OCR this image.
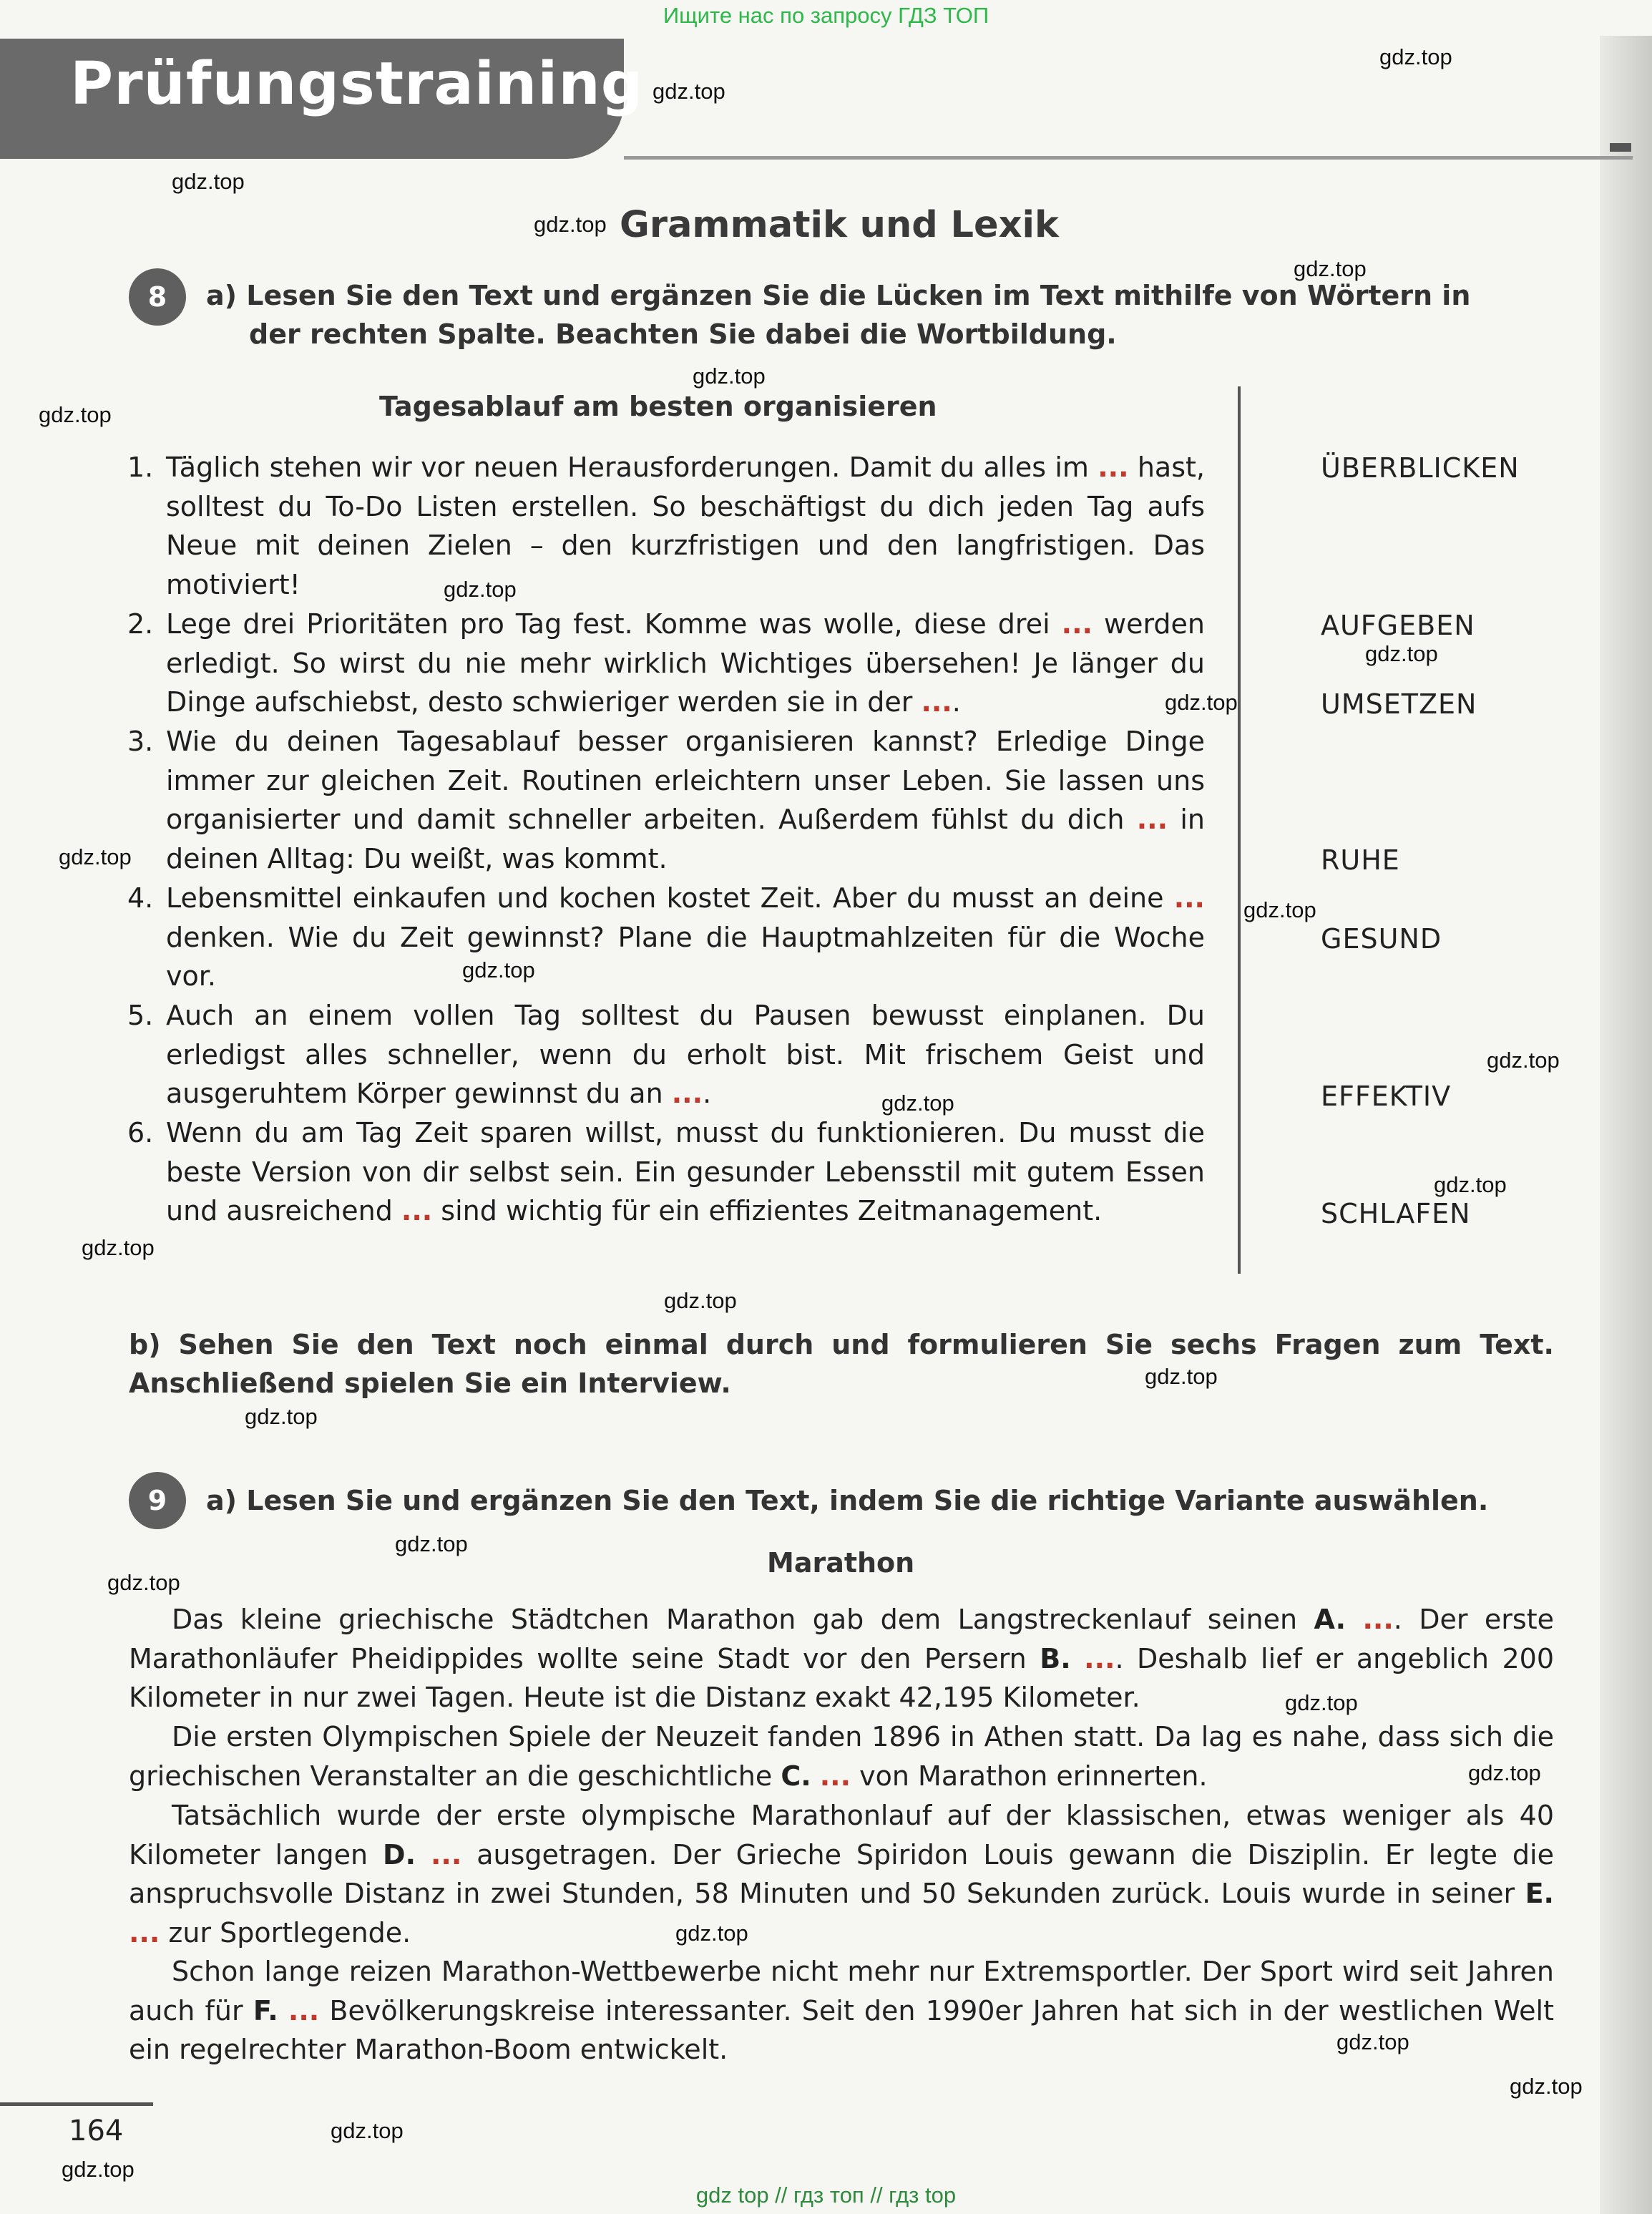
Ищите нас по запросу ГДЗ ТОП
gdz top // гдз топ // гдз top
Prüfungstraining
Grammatik und Lexik
8	a) Lesen Sie den Text und ergänzen Sie die Lücken im Text mithilfe von Wörtern in
der rechten Spalte. Beachten Sie dabei die Wortbildung.
Tagesablauf am besten organisieren
1. Täglich stehen wir vor neuen Herausforderungen. Damit du alles im ... hast, solltest du To-Do Listen erstellen. So beschäftigst du dich jeden Tag aufs Neue mit deinen Zielen – den kurzfristigen und den langfristigen. Das motiviert!
2. Lege drei Prioritäten pro Tag fest. Komme was wolle, diese drei ... werden erledigt. So wirst du nie mehr wirklich Wichtiges übersehen! Je länger du Dinge aufschiebst, desto schwieriger werden sie in der ....
3. Wie du deinen Tagesablauf besser organisieren kannst? Erledige Dinge immer zur gleichen Zeit. Routinen erleichtern unser Leben. Sie lassen uns organisierter und damit schneller arbeiten. Außerdem fühlst du dich ... in deinen Alltag: Du weißt, was kommt.
4. Lebensmittel einkaufen und kochen kostet Zeit. Aber du musst an deine ... denken. Wie du Zeit gewinnst? Plane die Hauptmahlzeiten für die Woche vor.
5. Auch an einem vollen Tag solltest du Pausen bewusst einplanen. Du erledigst alles schneller, wenn du erholt bist. Mit frischem Geist und ausgeruhtem Körper gewinnst du an ....
6. Wenn du am Tag Zeit sparen willst, musst du funktionieren. Du musst die beste Version von dir selbst sein. Ein gesunder Lebensstil mit gutem Essen und ausreichend ... sind wichtig für ein effizientes Zeitmanagement.
ÜBERBLICKEN
AUFGEBEN
UMSETZEN
RUHE
GESUND
EFFEKTIV
SCHLAFEN
b) Sehen Sie den Text noch einmal durch und formulieren Sie sechs Fragen zum Text. Anschließend spielen Sie ein Interview.
9	a) Lesen Sie und ergänzen Sie den Text, indem Sie die richtige Variante auswählen.
Marathon
Das kleine griechische Städtchen Marathon gab dem Langstreckenlauf seinen A. .... Der erste Marathonläufer Pheidippides wollte seine Stadt vor den Persern B. .... Deshalb lief er angeblich 200 Kilometer in nur zwei Tagen. Heute ist die Distanz exakt 42,195 Kilometer.
Die ersten Olympischen Spiele der Neuzeit fanden 1896 in Athen statt. Da lag es nahe, dass sich die griechischen Veranstalter an die geschichtliche C. ... von Marathon erinnerten.
Tatsächlich wurde der erste olympische Marathonlauf auf der klassischen, etwas weniger als 40 Kilometer langen D. ... ausgetragen. Der Grieche Spiridon Louis gewann die Disziplin. Er legte die anspruchsvolle Distanz in zwei Stunden, 58 Minuten und 50 Sekunden zurück. Louis wurde in seiner E. ... zur Sportlegende.
Schon lange reizen Marathon-Wettbewerbe nicht mehr nur Extremsportler. Der Sport wird seit Jahren auch für F. ... Bevölkerungskreise interessanter. Seit den 1990er Jahren hat sich in der westlichen Welt ein regelrechter Marathon-Boom entwickelt.
164
gdz.top
gdz.top
gdz.top
gdz.top
gdz.top
gdz.top
gdz.top
gdz.top
gdz.top
gdz.top
gdz.top
gdz.top
gdz.top
gdz.top
gdz.top
gdz.top
gdz.top
gdz.top
gdz.top
gdz.top
gdz.top
gdz.top
gdz.top
gdz.top
gdz.top
gdz.top
gdz.top
gdz.top
gdz.top
